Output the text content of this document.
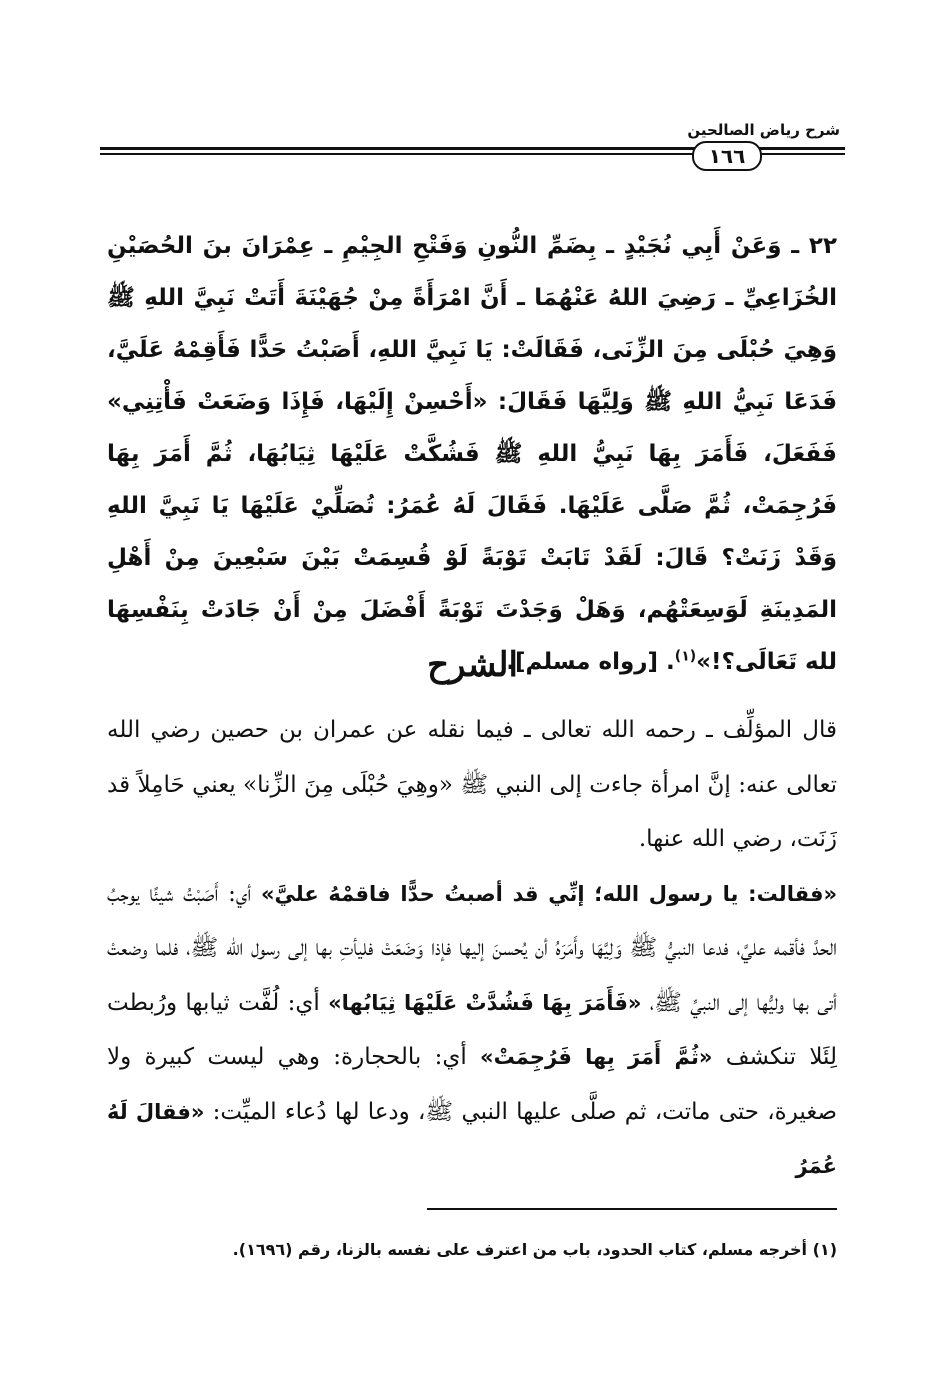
شرح رياض الصالحين
١٦٦
٢٢ ـ وَعَنْ أَبِي نُجَيْدٍ ـ بِضَمِّ النُّونِ وَفَتْحِ الجِيْمِ ـ عِمْرَانَ بنَ الحُصَيْنِ الخُزَاعِيِّ ـ رَضِيَ اللهُ عَنْهُمَا ـ أَنَّ امْرَأَةً مِنْ جُهَيْنَةَ أَتَتْ نَبِيَّ اللهِ ﷺ وَهِيَ حُبْلَى مِنَ الزِّنَى، فَقَالَتْ: يَا نَبِيَّ اللهِ، أَصَبْتُ حَدًّا فَأَقِمْهُ عَلَيَّ، فَدَعَا نَبِيُّ اللهِ ﷺ وَلِيَّهَا فَقَالَ: «أَحْسِنْ إِلَيْهَا، فَإِذَا وَضَعَتْ فَأْتِنِي» فَفَعَلَ، فَأَمَرَ بِهَا نَبِيُّ اللهِ ﷺ فَشُكَّتْ عَلَيْهَا ثِيَابُهَا، ثُمَّ أَمَرَ بِهَا فَرُجِمَتْ، ثُمَّ صَلَّى عَلَيْهَا. فَقَالَ لَهُ عُمَرُ: تُصَلِّيْ عَلَيْهَا يَا نَبِيَّ اللهِ وَقَدْ زَنَتْ؟ قَالَ: لَقَدْ تَابَتْ تَوْبَةً لَوْ قُسِمَتْ بَيْنَ سَبْعِينَ مِنْ أَهْلِ المَدِينَةِ لَوَسِعَتْهُم، وَهَلْ وَجَدْتَ تَوْبَةً أَفْضَلَ مِنْ أَنْ جَادَتْ بِنَفْسِهَا لله تَعَالَى؟!»$^{(١)}$. [رواه مسلم].
الشرح

قال المؤلِّف ـ رحمه الله تعالى ـ فيما نقله عن عمران بن حصين رضي الله تعالى عنه: إنَّ امرأة جاءت إلى النبي ﷺ «وهِيَ حُبْلَى مِنَ الزِّنا» يعني حَامِلاً قد زَنَت، رضي الله عنها.

«فقالت: يا رسول الله؛ إنِّي قد أصبتُ حدًّا فاقمْهُ عليَّ» أي: أَصَبْتُ شيئًا يوجبُ الحدَّ فأقمه عليَّ، فدعا النبيُّ ﷺ وَلِيَّهَا وأَمَرَهُ أن يُحسنَ إليها فإذا وَضَعَتْ فليأتِ بها إلى رسول الله ﷺ، فلما وضعتْ أتى بها وليُّها إلى النبيِّ ﷺ، «فَأَمَرَ بِهَا فَشُدَّتْ عَلَيْهَا ثِيَابُها» أي: لُفَّت ثيابها ورُبطت لِئَلا تنكشف «ثُمَّ أَمَرَ بِها فَرُجِمَتْ» أي: بالحجارة: وهي ليست كبيرة ولا صغيرة، حتى ماتت، ثم صلَّى عليها النبي ﷺ، ودعا لها دُعاء الميِّت: «فقالَ لَهُ عُمَرُ

(١) أخرجه مسلم، كتاب الحدود، باب من اعترف على نفسه بالزنا، رقم (١٦٩٦).
